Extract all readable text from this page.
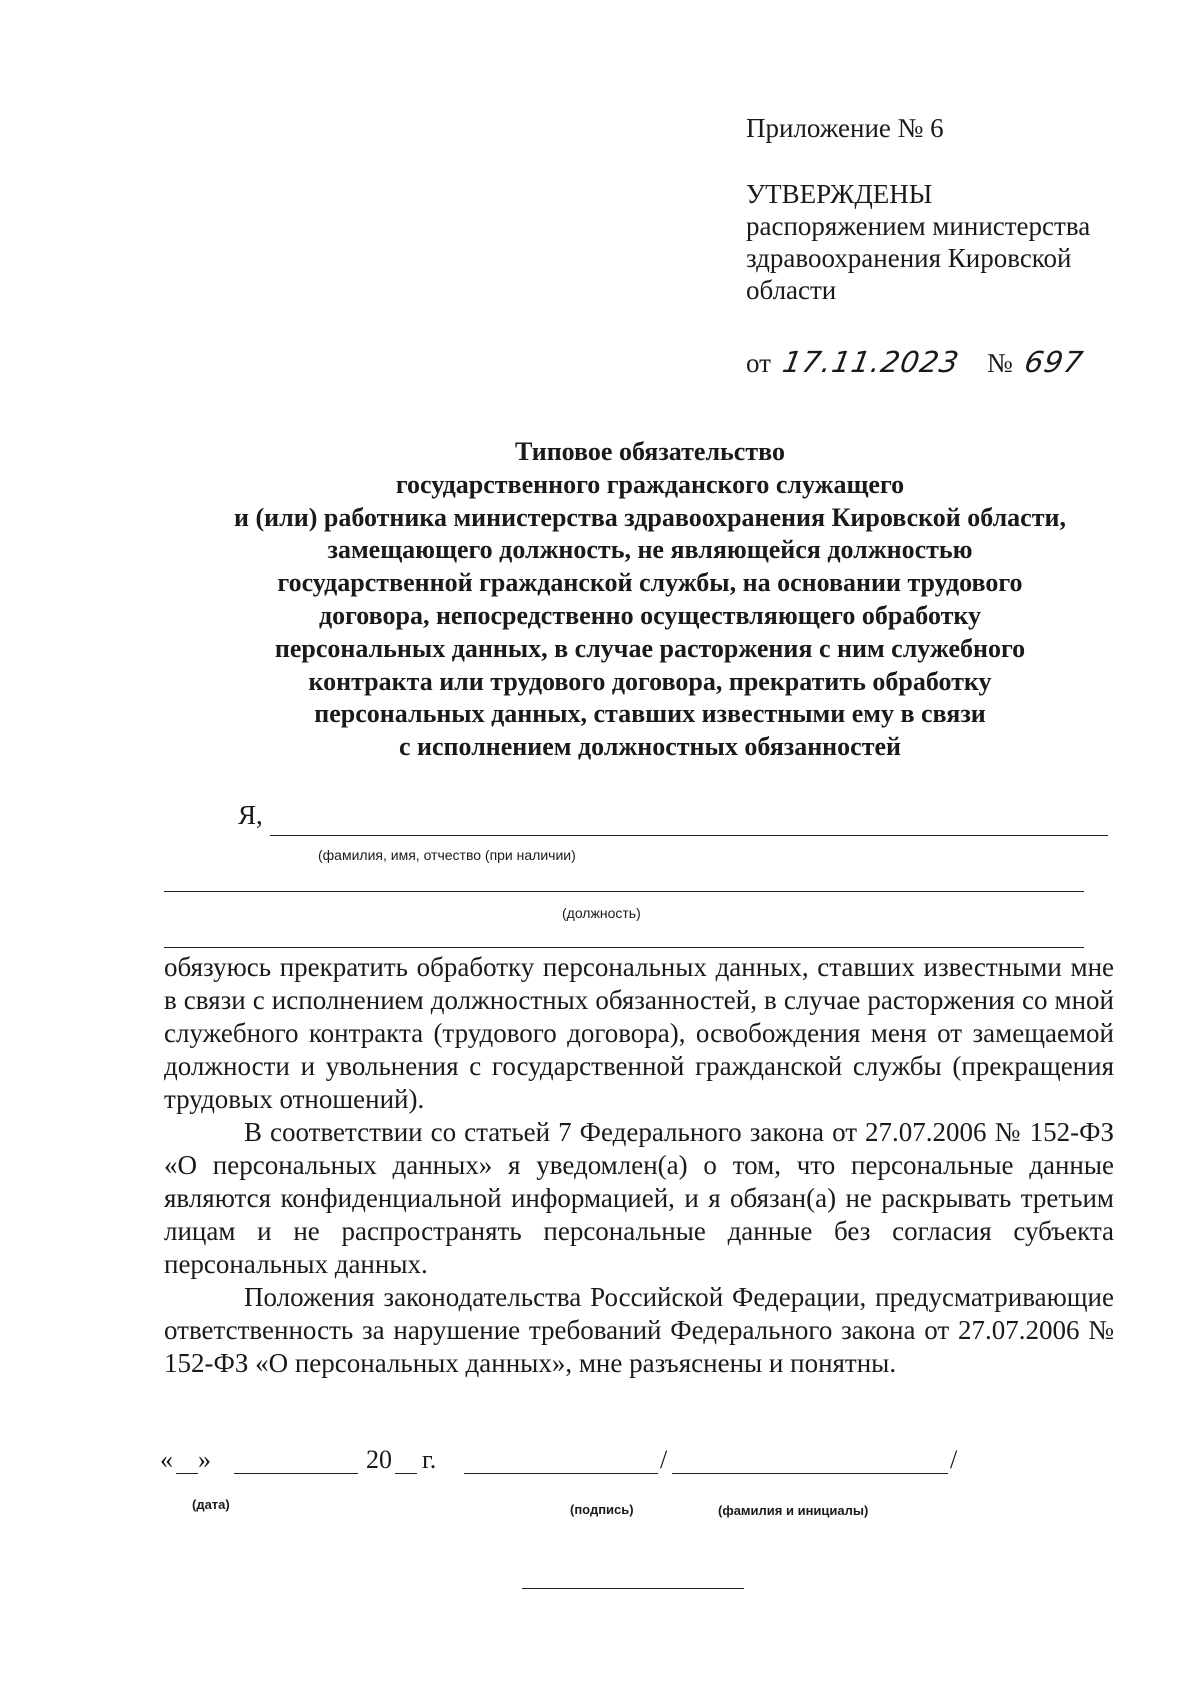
Приложение № 6

УТВЕРЖДЕНЫ

распоряжением министерства

здравоохранения Кировской

области

от 17.11.2023 № 697
Типовое обязательство
государственного гражданского служащего
и (или) работника министерства здравоохранения Кировской области,
замещающего должность, не являющейся должностью
государственной гражданской службы, на основании трудового
договора, непосредственно осуществляющего обработку
персональных данных, в случае расторжения с ним служебного
контракта или трудового договора, прекратить обработку
персональных данных, ставших известными ему в связи
с исполнением должностных обязанностей
Я,
(фамилия, имя, отчество (при наличии)
(должность)

обязуюсь прекратить обработку персональных данных, ставших известными мне в связи с исполнением должностных обязанностей, в случае расторжения со мной служебного контракта (трудового договора), освобождения меня от замещаемой должности и увольнения с государственной гражданской службы (прекращения трудовых отношений).

В соответствии со статьей 7 Федерального закона от 27.07.2006 № 152-ФЗ «О персональных данных» я уведомлен(а) о том, что персональные данные являются конфиденциальной информацией, и я обязан(а) не раскрывать третьим лицам и не распространять персональные данные без согласия субъекта персональных данных.

Положения законодательства Российской Федерации, предусматривающие ответственность за нарушение требований Федерального закона от 27.07.2006 № 152-ФЗ «О персональных данных», мне разъяснены и понятны.

« »	20 г.	/	/
(дата)	(подпись)	(фамилия и инициалы)
